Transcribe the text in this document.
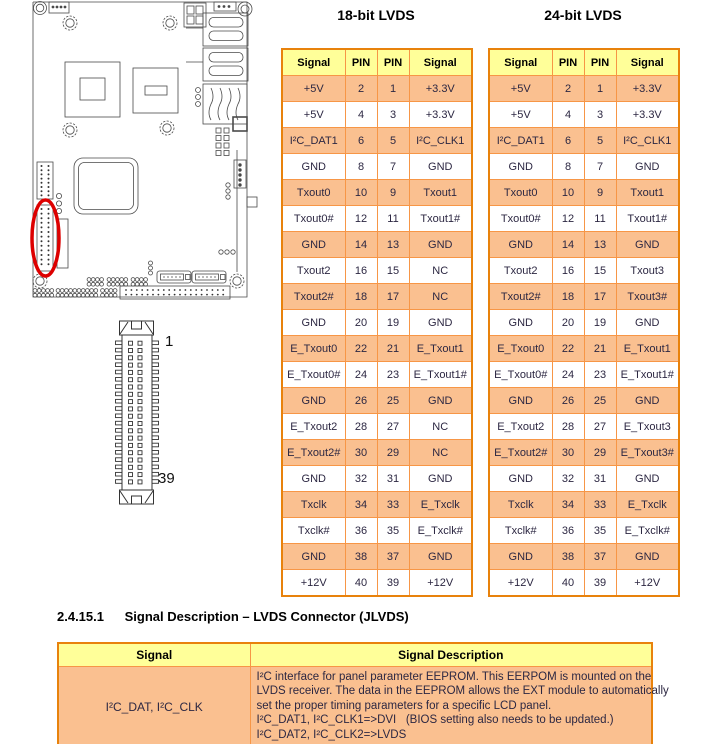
1
39
18-bit LVDS
Signal	PIN	PIN	Signal
+5V	2	1	+3.3V
+5V	4	3	+3.3V
I²C_DAT1	6	5	I²C_CLK1
GND	8	7	GND
Txout0	10	9	Txout1
Txout0#	12	11	Txout1#
GND	14	13	GND
Txout2	16	15	NC
Txout2#	18	17	NC
GND	20	19	GND
E_Txout0	22	21	E_Txout1
E_Txout0#	24	23	E_Txout1#
GND	26	25	GND
E_Txout2	28	27	NC
E_Txout2#	30	29	NC
GND	32	31	GND
Txclk	34	33	E_Txclk
Txclk#	36	35	E_Txclk#
GND	38	37	GND
+12V	40	39	+12V
24-bit LVDS
Signal	PIN	PIN	Signal
+5V	2	1	+3.3V
+5V	4	3	+3.3V
I²C_DAT1	6	5	I²C_CLK1
GND	8	7	GND
Txout0	10	9	Txout1
Txout0#	12	11	Txout1#
GND	14	13	GND
Txout2	16	15	Txout3
Txout2#	18	17	Txout3#
GND	20	19	GND
E_Txout0	22	21	E_Txout1
E_Txout0#	24	23	E_Txout1#
GND	26	25	GND
E_Txout2	28	27	E_Txout3
E_Txout2#	30	29	E_Txout3#
GND	32	31	GND
Txclk	34	33	E_Txclk
Txclk#	36	35	E_Txclk#
GND	38	37	GND
+12V	40	39	+12V
2.4.15.1 Signal Description – LVDS Connector (JLVDS)
Signal	Signal Description
I²C_DAT, I²C_CLK	I²C interface for panel parameter EEPROM. This EERPOM is mounted on the
LVDS receiver. The data in the EEPROM allows the EXT module to automatically
set the proper timing parameters for a specific LCD panel.
I²C_DAT1, I²C_CLK1=>DVI   (BIOS setting also needs to be updated.)
I²C_DAT2, I²C_CLK2=>LVDS
